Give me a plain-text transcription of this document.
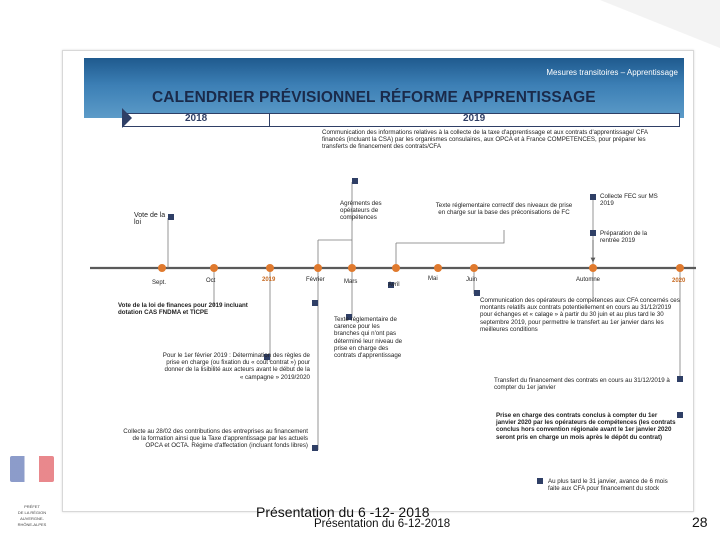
Mesures transitoires – Apprentissage
CALENDRIER PRÉVISIONNEL RÉFORME APPRENTISSAGE
2018	2019
Sept.	Oct	2019	Février	Mars	Avril
Mai	Juin	Automne	2020
Communication des informations relatives à la collecte de la taxe d'apprentissage et aux contrats d'apprentissage/ CFA financés (incluant la CSA) par les organismes consulaires, aux OPCA et à France COMPETENCES, pour préparer les transferts de financement des contrats/CFA
Agréments des opérateurs de compétences
Vote de la loi
Texte réglementaire correctif des niveaux de prise en charge sur la base des préconisations de FC
Collecte FEC sur MS 2019
Préparation de la rentrée 2019
Vote de la loi de finances pour 2019 incluant dotation CAS FNDMA et TICPE
Texte réglementaire de carence pour les branches qui n'ont pas déterminé leur niveau de prise en charge des contrats d'apprentissage
Communication des opérateurs de compétences aux CFA concernés ces montants relatifs aux contrats potentiellement en cours au 31/12/2019 pour échanges et « calage » à partir du 30 juin et au plus tard le 30 septembre 2019, pour permettre le transfert au 1er janvier dans les meilleures conditions
Pour le 1er février 2019 : Détermination des règles de prise en charge (ou fixation du « coût contrat ») pour donner de la lisibilité aux acteurs avant le début de la « campagne » 2019/2020	Transfert du financement des contrats en cours au 31/12/2019 à compter du 1er janvier
Collecte au 28/02 des contributions des entreprises au financement de la formation ainsi que la Taxe d'apprentissage par les actuels OPCA et OCTA. Régime d'affectation (incluant fonds libres)
Prise en charge des contrats conclus à compter du 1er janvier 2020 par les opérateurs de compétences (les contrats conclus hors convention régionale avant le 1er janvier 2020 seront pris en charge un mois après le dépôt du contrat)
Au plus tard le 31 janvier, avance de 6 mois faite aux CFA pour financement du stock
PRÉFET
DE LA RÉGION
AUVERGNE-
RHÔNE-ALPES
Présentation du 6 -12- 2018
Présentation du 6-12-2018	28
